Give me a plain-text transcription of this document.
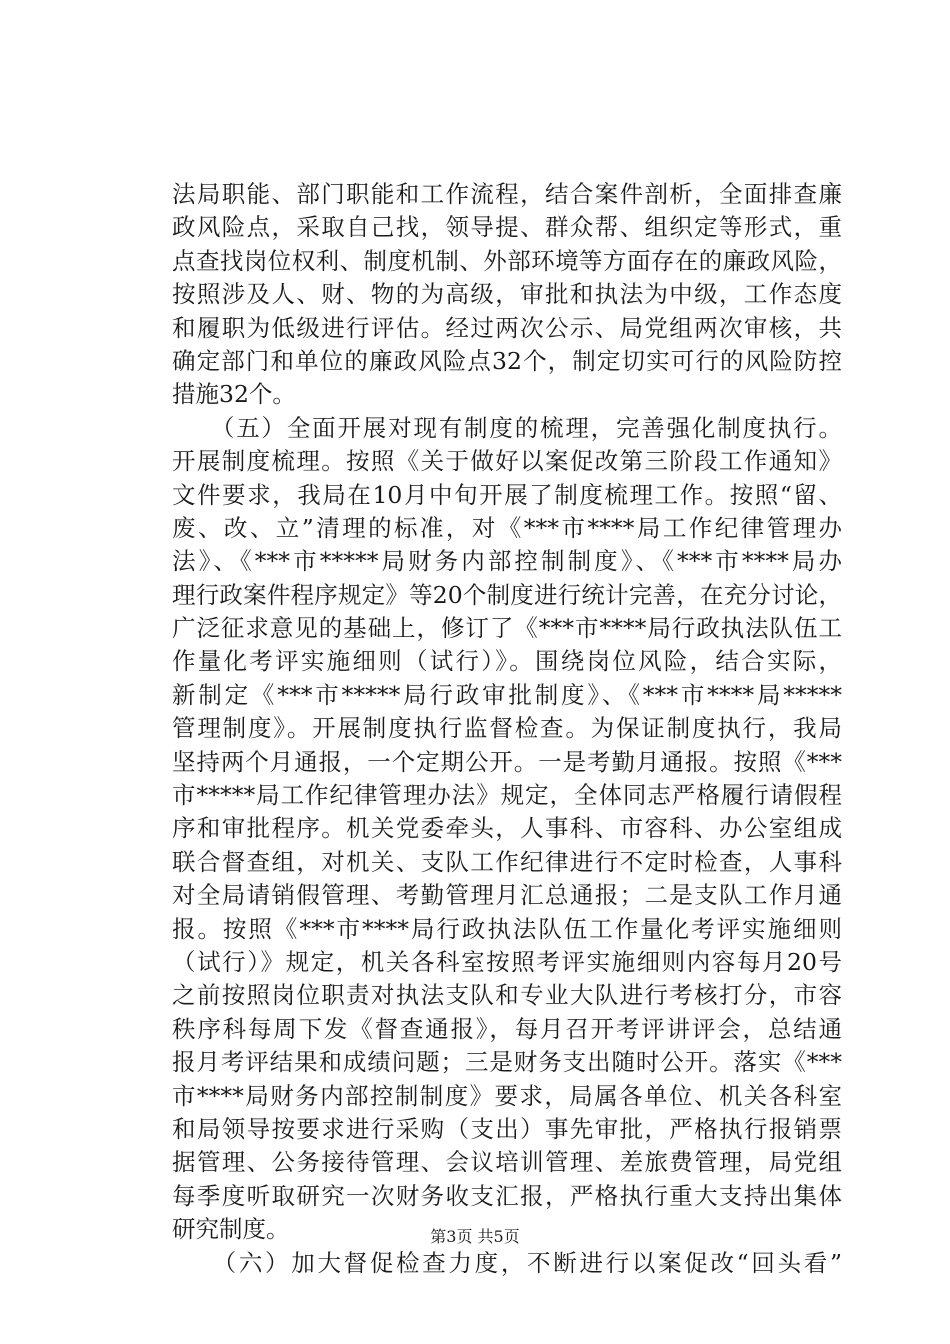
法局职能、部门职能和工作流程，结合案件剖析，全面排查廉
政风险点，采取自己找，领导提、群众帮、组织定等形式，重
点查找岗位权利、制度机制、外部环境等方面存在的廉政风险，
按照涉及人、财、物的为高级，审批和执法为中级，工作态度
和履职为低级进行评估。经过两次公示、局党组两次审核，共
确定部门和单位的廉政风险点32个，制定切实可行的风险防控
措施32个。
　　（五）全面开展对现有制度的梳理，完善强化制度执行。
开展制度梳理。按照《关于做好以案促改第三阶段工作通知》
文件要求，我局在10月中旬开展了制度梳理工作。按照“留、
废、改、立”清理的标准，对《***市****局工作纪律管理办
法》、《***市*****局财务内部控制制度》、《***市****局办
理行政案件程序规定》等20个制度进行统计完善，在充分讨论，
广泛征求意见的基础上，修订了《***市****局行政执法队伍工
作量化考评实施细则（试行）》。围绕岗位风险，结合实际，
新制定《***市*****局行政审批制度》、《***市****局*****
管理制度》。开展制度执行监督检查。为保证制度执行，我局
坚持两个月通报，一个定期公开。一是考勤月通报。按照《***
市*****局工作纪律管理办法》规定，全体同志严格履行请假程
序和审批程序。机关党委牵头，人事科、市容科、办公室组成
联合督查组，对机关、支队工作纪律进行不定时检查，人事科
对全局请销假管理、考勤管理月汇总通报；二是支队工作月通
报。按照《***市****局行政执法队伍工作量化考评实施细则
（试行）》规定，机关各科室按照考评实施细则内容每月20号
之前按照岗位职责对执法支队和专业大队进行考核打分，市容
秩序科每周下发《督查通报》，每月召开考评讲评会，总结通
报月考评结果和成绩问题；三是财务支出随时公开。落实《***
市****局财务内部控制制度》要求，局属各单位、机关各科室
和局领导按要求进行采购（支出）事先审批，严格执行报销票
据管理、公务接待管理、会议培训管理、差旅费管理，局党组
每季度听取研究一次财务收支汇报，严格执行重大支持出集体
研究制度。
　　（六）加大督促检查力度，不断进行以案促改“回头看”
第3页 共5页
